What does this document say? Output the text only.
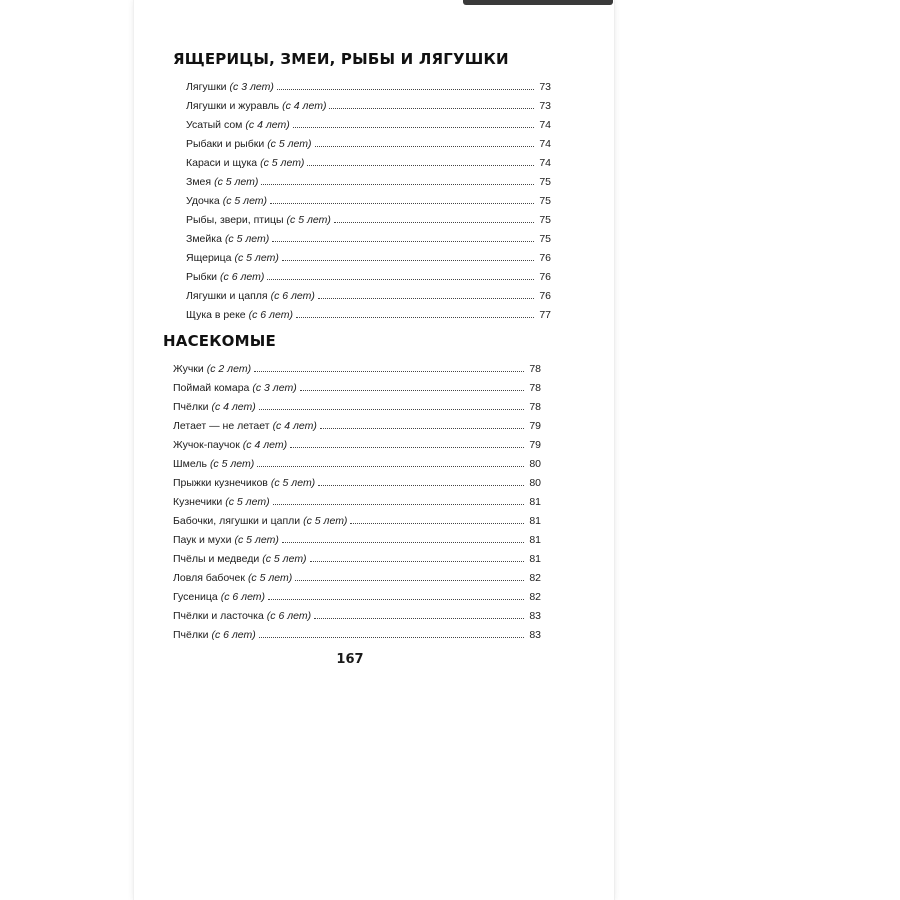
ЯЩЕРИЦЫ, ЗМЕИ, РЫБЫ И ЛЯГУШКИ
Лягушки (с 3 лет)	73
Лягушки и журавль (с 4 лет)	73
Усатый сом (с 4 лет)	74
Рыбаки и рыбки (с 5 лет)	74
Караси и щука (с 5 лет)	74
Змея (с 5 лет)	75
Удочка (с 5 лет)	75
Рыбы, звери, птицы (с 5 лет)	75
Змейка (с 5 лет)	75
Ящерица (с 5 лет)	76
Рыбки (с 6 лет)	76
Лягушки и цапля (с 6 лет)	76
Щука в реке (с 6 лет)	77
НАСЕКОМЫЕ
Жучки (с 2 лет)	78
Поймай комара (с 3 лет)	78
Пчёлки (с 4 лет)	78
Летает — не летает (с 4 лет)	79
Жучок-паучок (с 4 лет)	79
Шмель (с 5 лет)	80
Прыжки кузнечиков (с 5 лет)	80
Кузнечики (с 5 лет)	81
Бабочки, лягушки и цапли (с 5 лет)	81
Паук и мухи (с 5 лет)	81
Пчёлы и медведи (с 5 лет)	81
Ловля бабочек (с 5 лет)	82
Гусеница (с 6 лет)	82
Пчёлки и ласточка (с 6 лет)	83
Пчёлки (с 6 лет)	83
167
